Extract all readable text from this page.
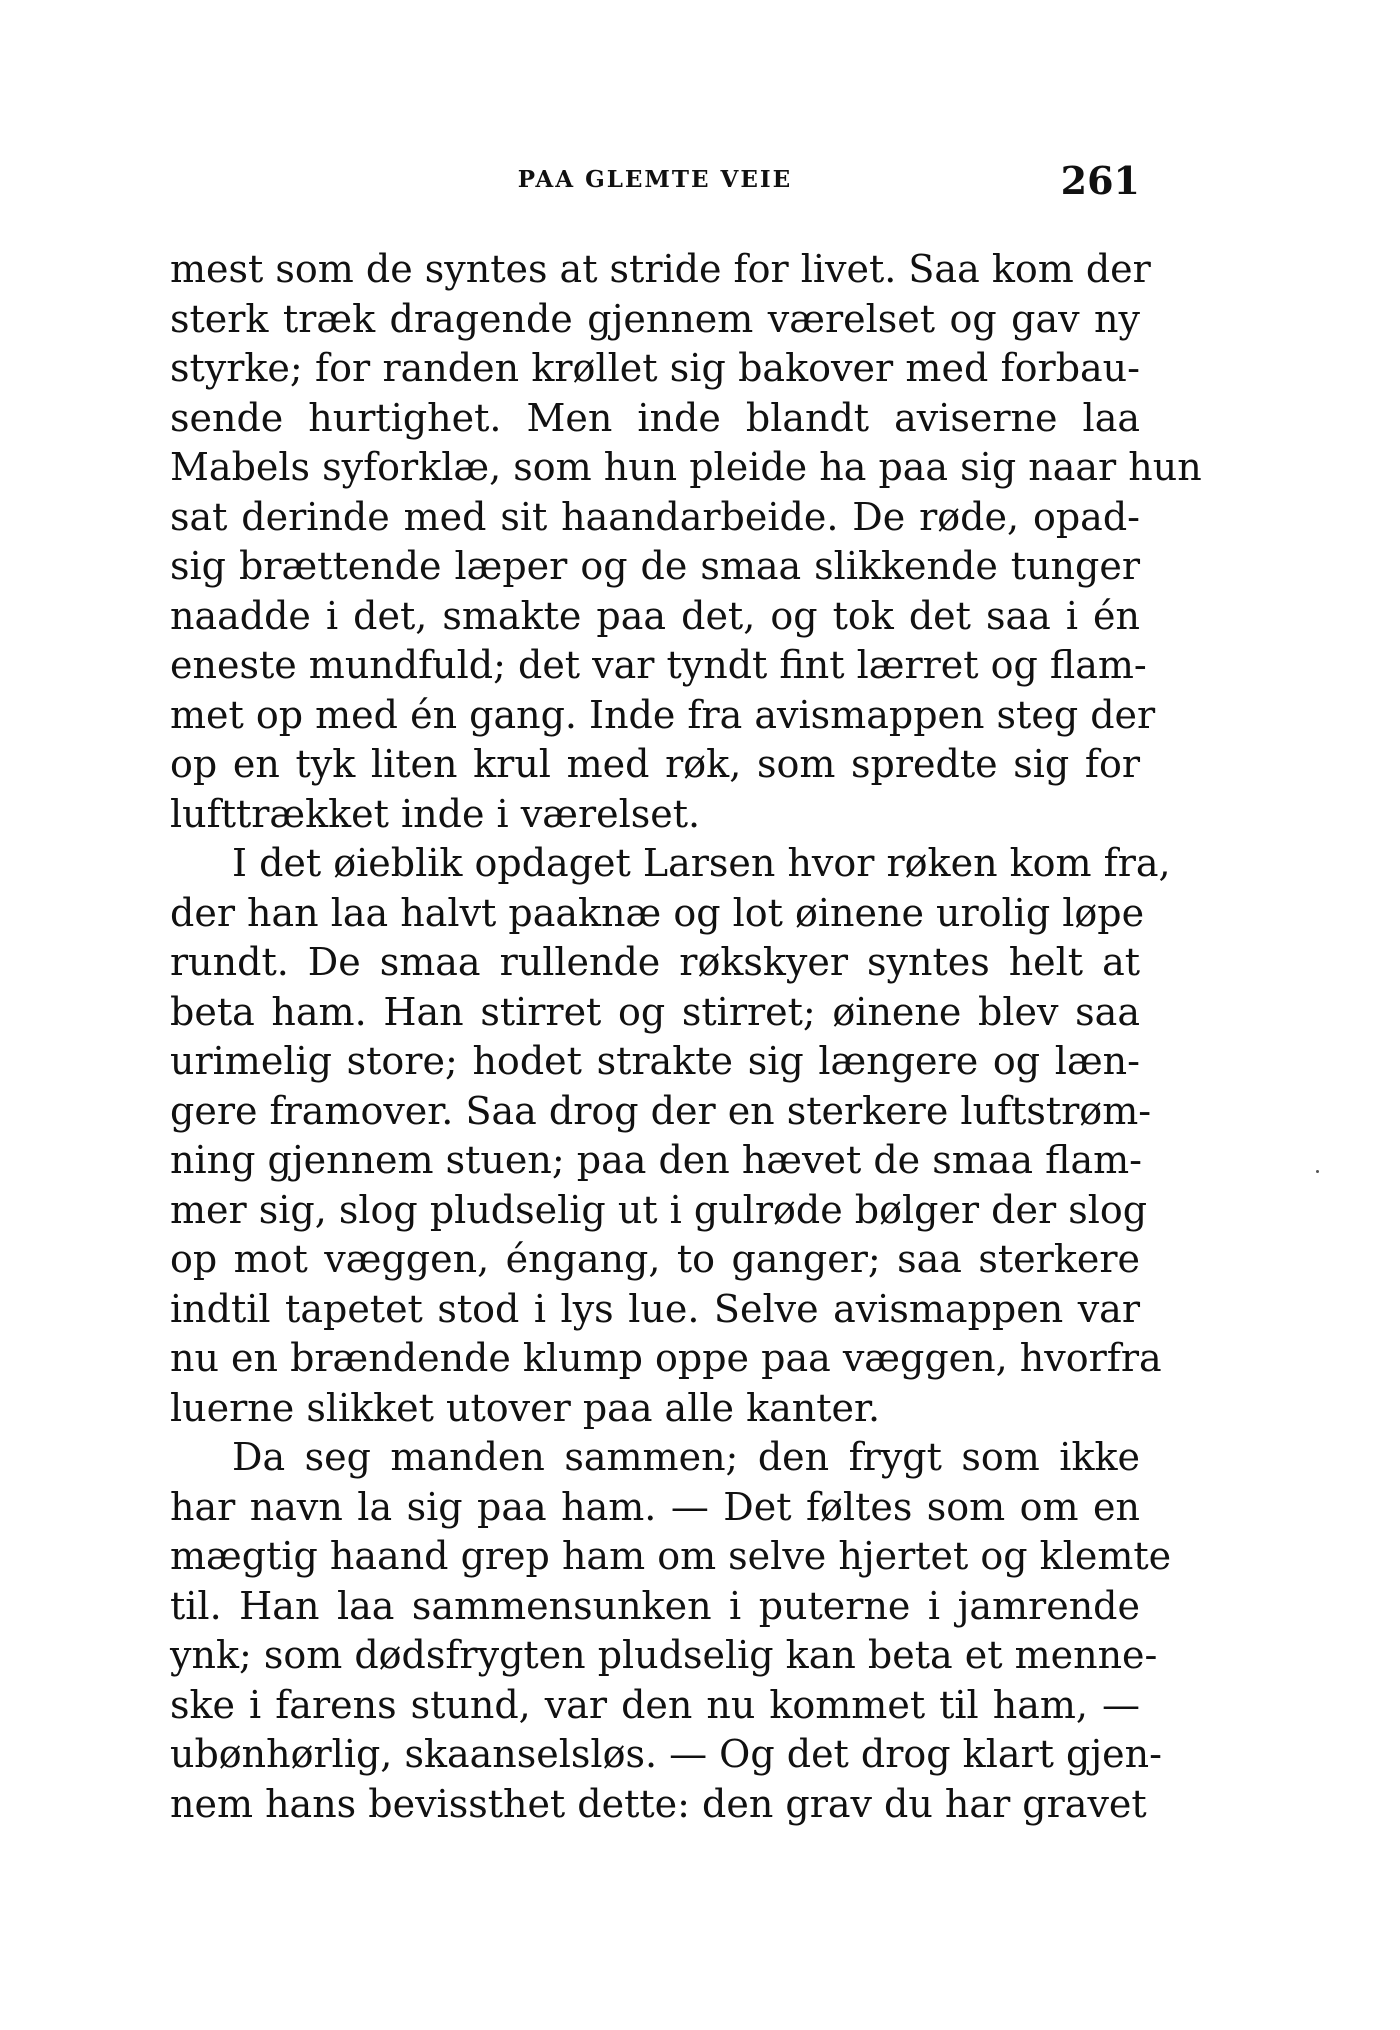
PAA GLEMTE VEIE	261
mest som de syntes at stride for livet. Saa kom der
sterk træk dragende gjennem værelset og gav ny
styrke; for randen krøllet sig bakover med forbau-
sende hurtighet. Men inde blandt aviserne laa
Mabels syforklæ, som hun pleide ha paa sig naar hun
sat derinde med sit haandarbeide. De røde, opad-
sig brættende læper og de smaa slikkende tunger
naadde i det, smakte paa det, og tok det saa i én
eneste mundfuld; det var tyndt fint lærret og flam-
met op med én gang. Inde fra avismappen steg der
op en tyk liten krul med røk, som spredte sig for
lufttrækket inde i værelset.
I det øieblik opdaget Larsen hvor røken kom fra,
der han laa halvt paaknæ og lot øinene urolig løpe
rundt. De smaa rullende røkskyer syntes helt at
beta ham. Han stirret og stirret; øinene blev saa
urimelig store; hodet strakte sig længere og læn-
gere framover. Saa drog der en sterkere luftstrøm-
ning gjennem stuen; paa den hævet de smaa flam-
mer sig, slog pludselig ut i gulrøde bølger der slog
op mot væggen, éngang, to ganger; saa sterkere
indtil tapetet stod i lys lue. Selve avismappen var
nu en brændende klump oppe paa væggen, hvorfra
luerne slikket utover paa alle kanter.
Da seg manden sammen; den frygt som ikke
har navn la sig paa ham. — Det føltes som om en
mægtig haand grep ham om selve hjertet og klemte
til. Han laa sammensunken i puterne i jamrende
ynk; som dødsfrygten pludselig kan beta et menne-
ske i farens stund, var den nu kommet til ham, —
ubønhørlig, skaanselsløs. — Og det drog klart gjen-
nem hans bevissthet dette: den grav du har gravet
